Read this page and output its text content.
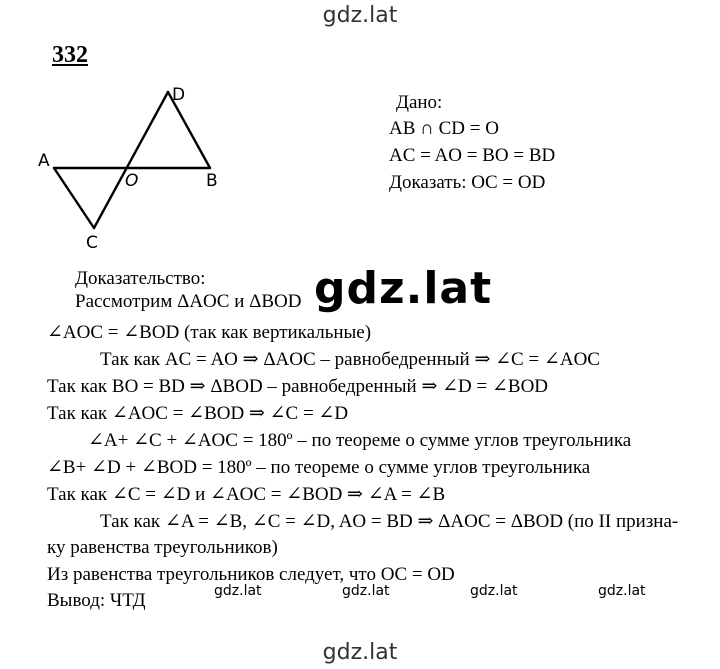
gdz.lat
332
A
O	B
C
D	Дано:
AB ∩ CD = O
AC = AO = BO = BD
Доказать: OC = OD
Доказательство:
Рассмотрим ΔAOC и ΔBOD
∠AOC = ∠BOD (так как вертикальные)
Так как AC = AO ⇒ ΔAOC – равнобедренный ⇒ ∠C = ∠AOC
Так как BO = BD ⇒ ΔBOD – равнобедренный ⇒ ∠D = ∠BOD
Так как ∠AOC = ∠BOD ⇒ ∠C = ∠D
∠A+ ∠C + ∠AOC = 180º – по теореме о сумме углов треугольника
∠B+ ∠D + ∠BOD = 180º – по теореме о сумме углов треугольника
Так как ∠C = ∠D и ∠AOC = ∠BOD ⇒ ∠A = ∠B
Так как ∠A = ∠B, ∠C = ∠D, AO = BD ⇒ ΔAOC = ΔBOD (по II призна-
ку равенства треугольников)
Из равенства треугольников следует, что OC = OD
Вывод: ЧТД
gdz.lat
gdz.lat	gdz.lat	gdz.lat	gdz.lat
gdz.lat
